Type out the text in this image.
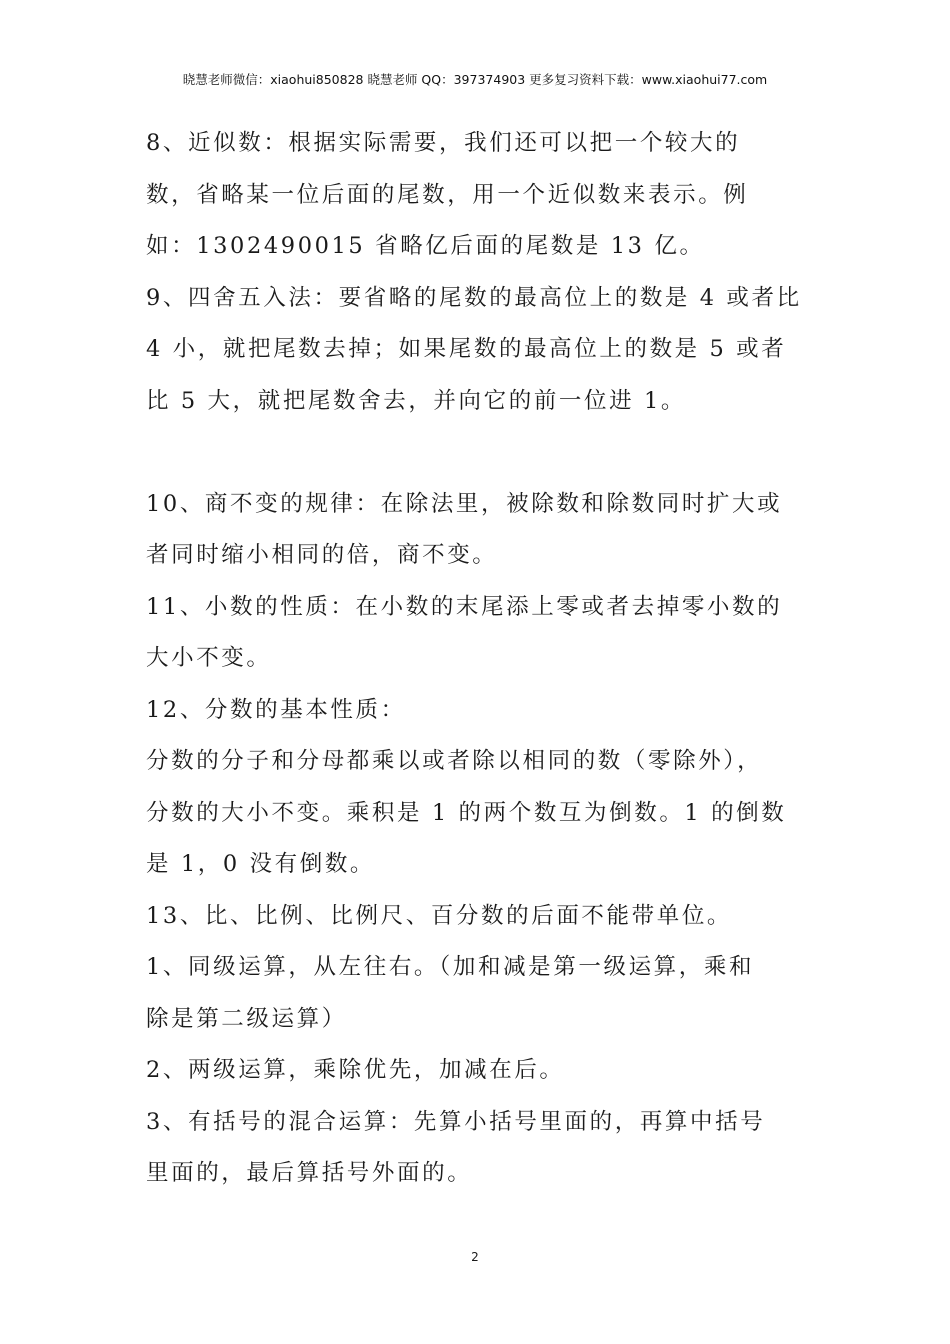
晓慧老师微信：xiaohui850828 晓慧老师 QQ：397374903 更多复习资料下载：www.xiaohui77.com
8、近似数：根据实际需要，我们还可以把一个较大的
数，省略某一位后面的尾数，用一个近似数来表示。例
如：1302490015 省略亿后面的尾数是 13 亿。
9、四舍五入法：要省略的尾数的最高位上的数是 4 或者比
4 小，就把尾数去掉；如果尾数的最高位上的数是 5 或者
比 5 大，就把尾数舍去，并向它的前一位进 1。
10、商不变的规律：在除法里，被除数和除数同时扩大或
者同时缩小相同的倍，商不变。
11、小数的性质：在小数的末尾添上零或者去掉零小数的
大小不变。
12、分数的基本性质：
分数的分子和分母都乘以或者除以相同的数（零除外），
分数的大小不变。乘积是 1 的两个数互为倒数。1 的倒数
是 1，0 没有倒数。
13、比、比例、比例尺、百分数的后面不能带单位。
1、同级运算，从左往右。（加和减是第一级运算，乘和
除是第二级运算）
2、两级运算，乘除优先，加减在后。
3、有括号的混合运算：先算小括号里面的，再算中括号
里面的，最后算括号外面的。
2
